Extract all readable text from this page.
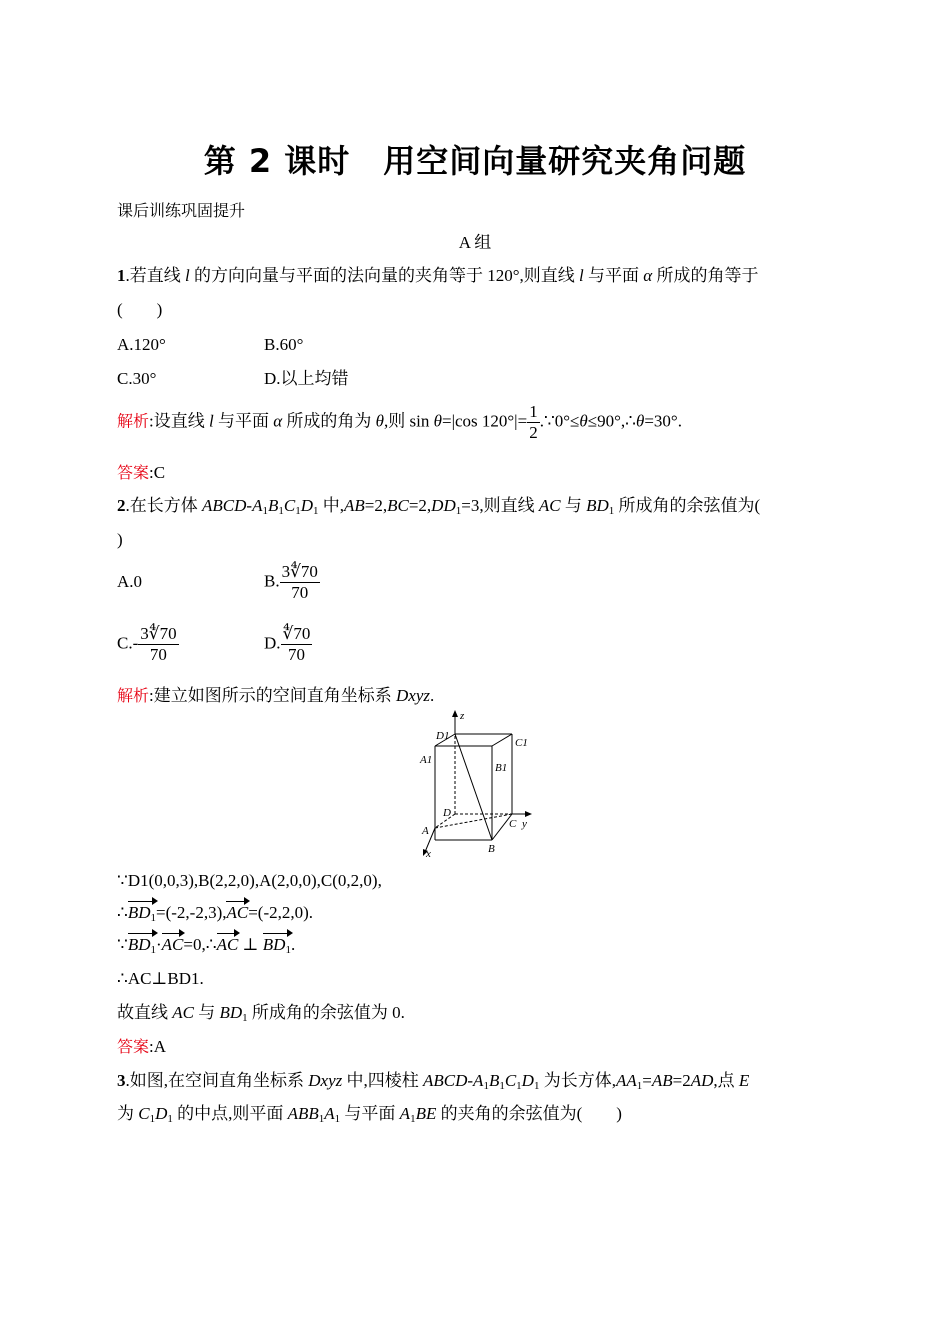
第 2 课时　用空间向量研究夹角问题
课后训练巩固提升
A 组
1.若直线 l 的方向向量与平面的法向量的夹角等于 120°,则直线 l 与平面 α 所成的角等于
(　　)
A.120°	B.60°
C.30°	D.以上均错
解析:设直线 l 与平面 α 所成的角为 θ,则 sin θ=|cos $120^\circ|= \frac{1}{2}$ .∵0°≤θ≤90°,∴θ=30°.
答案:C
2.在长方体 ABCD-$A_1B_1C_1D_1$ 中$,AB=2,BC=2,DD_1=3$,则直线 AC 与 $BD_1$ 所成角的余弦值为(
)
A.0	B. $\frac{3∜70}{70}$
$C.- \frac{3∜70}{70}$	D. $\frac{∜70}{70}$
解析:建立如图所示的空间直角坐标系 Dxyz.
z
D1
C1
A1
B1
D
A
C y
B
x
∵D1(0,0,3),B(2,2,0),A(2,0,0),C(0,2,0),
$\therefore BD_1=(-2,-2,3),AC=(-2,2,0)$.
$\because BD_1\cdot AC=0,\therefore AC$ ⊥ $BD_1$.
∴AC⊥BD1.
故直线 AC 与 $BD_1$ 所成角的余弦值为 0.
答案:A
3.如图,在空间直角坐标系 Dxyz 中,四棱柱 ABCD-$A_1B_1C_1D_1$ 为长方体$,AA_1=AB=2AD$,点 E
为 $C_1D_1$ 的中点,则平面 $ABB_1A_1$ 与平面 $A_1BE$ 的夹角的余弦值为(　　)
